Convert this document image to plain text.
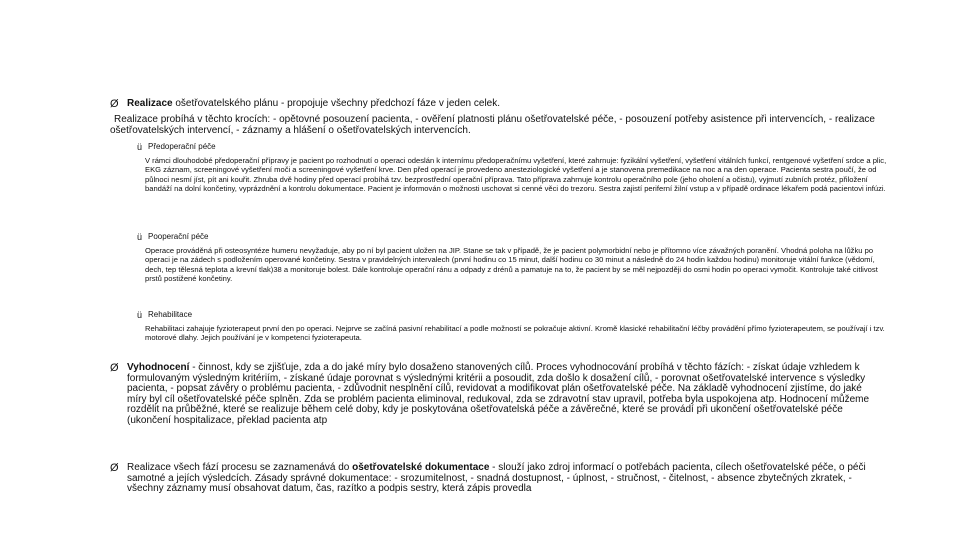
Ø Realizace ošetřovatelského plánu - propojuje všechny předchozí fáze v jeden celek.

Realizace probíhá v těchto krocích: - opětovné posouzení pacienta, - ověření platnosti plánu ošetřovatelské péče, - posouzení potřeby asistence při intervencích, - realizace ošetřovatelských intervencí, - záznamy a hlášení o ošetřovatelských intervencích.

ü Předoperační péče
V rámci dlouhodobé předoperační přípravy je pacient po rozhodnutí o operaci odeslán k internímu předoperačnímu vyšetření, které zahrnuje: fyzikální vyšetření, vyšetření vitálních funkcí, rentgenové vyšetření srdce a plic, EKG záznam, screeningové vyšetření moči a screeningové vyšetření krve. Den před operací je provedeno anesteziologické vyšetření a je stanovena premedikace na noc a na den operace. Pacienta sestra poučí, že od půlnoci nesmí jíst, pít ani kouřit. Zhruba dvě hodiny před operací probíhá tzv. bezprostřední operační příprava. Tato příprava zahrnuje kontrolu operačního pole (jeho oholení a očistu), vyjmutí zubních protéz, přiložení bandáží na dolní končetiny, vyprázdnění a kontrolu dokumentace. Pacient je informován o možnosti uschovat si cenné věci do trezoru. Sestra zajistí periferní žilní vstup a v případě ordinace lékařem podá pacientovi infúzi.
ü Pooperační péče
Operace prováděná při osteosyntéze humeru nevyžaduje, aby po ní byl pacient uložen na JIP. Stane se tak v případě, že je pacient polymorbidní nebo je přítomno více závažných poranění. Vhodná poloha na lůžku po operaci je na zádech s podložením operované končetiny. Sestra v pravidelných intervalech (první hodinu co 15 minut, další hodinu co 30 minut a následně do 24 hodin každou hodinu) monitoruje vitální funkce (vědomí, dech, tep tělesná teplota a krevní tlak)38 a monitoruje bolest. Dále kontroluje operační ránu a odpady z drénů a pamatuje na to, že pacient by se měl nejpozději do osmi hodin po operaci vymočit. Kontroluje také citlivost prstů postižené končetiny.
ü Rehabilitace
Rehabilitaci zahajuje fyzioterapeut první den po operaci. Nejprve se začíná pasivní rehabilitací a podle možností se pokračuje aktivní. Kromě klasické rehabilitační léčby provádění přímo fyzioterapeutem, se používají i tzv. motorové dlahy. Jejich používání je v kompetenci fyzioterapeuta.
Ø Vyhodnocení - činnost, kdy se zjišťuje, zda a do jaké míry bylo dosaženo stanovených cílů. Proces vyhodnocování probíhá v těchto fázích: - získat údaje vzhledem k formulovaným výsledným kritériím, - získané údaje porovnat s výslednými kritérii a posoudit, zda došlo k dosažení cílů, - porovnat ošetřovatelské intervence s výsledky pacienta, - popsat závěry o problému pacienta, - zdůvodnit nesplnění cílů, revidovat a modifikovat plán ošetřovatelské péče. Na základě vyhodnocení zjistíme, do jaké míry byl cíl ošetřovatelské péče splněn. Zda se problém pacienta eliminoval, redukoval, zda se zdravotní stav upravil, potřeba byla uspokojena atp. Hodnocení můžeme rozdělit na průběžné, které se realizuje během celé doby, kdy je poskytována ošetřovatelská péče a závěrečné, které se provádí při ukončení ošetřovatelské péče (ukončení hospitalizace, překlad pacienta atp

Ø Realizace všech fází procesu se zaznamenává do ošetřovatelské dokumentace - slouží jako zdroj informací o potřebách pacienta, cílech ošetřovatelské péče, o péči samotné a jejích výsledcích. Zásady správné dokumentace: - srozumitelnost, - snadná dostupnost, - úplnost, - stručnost, - čitelnost, - absence zbytečných zkratek, - všechny záznamy musí obsahovat datum, čas, razítko a podpis sestry, která zápis provedla
